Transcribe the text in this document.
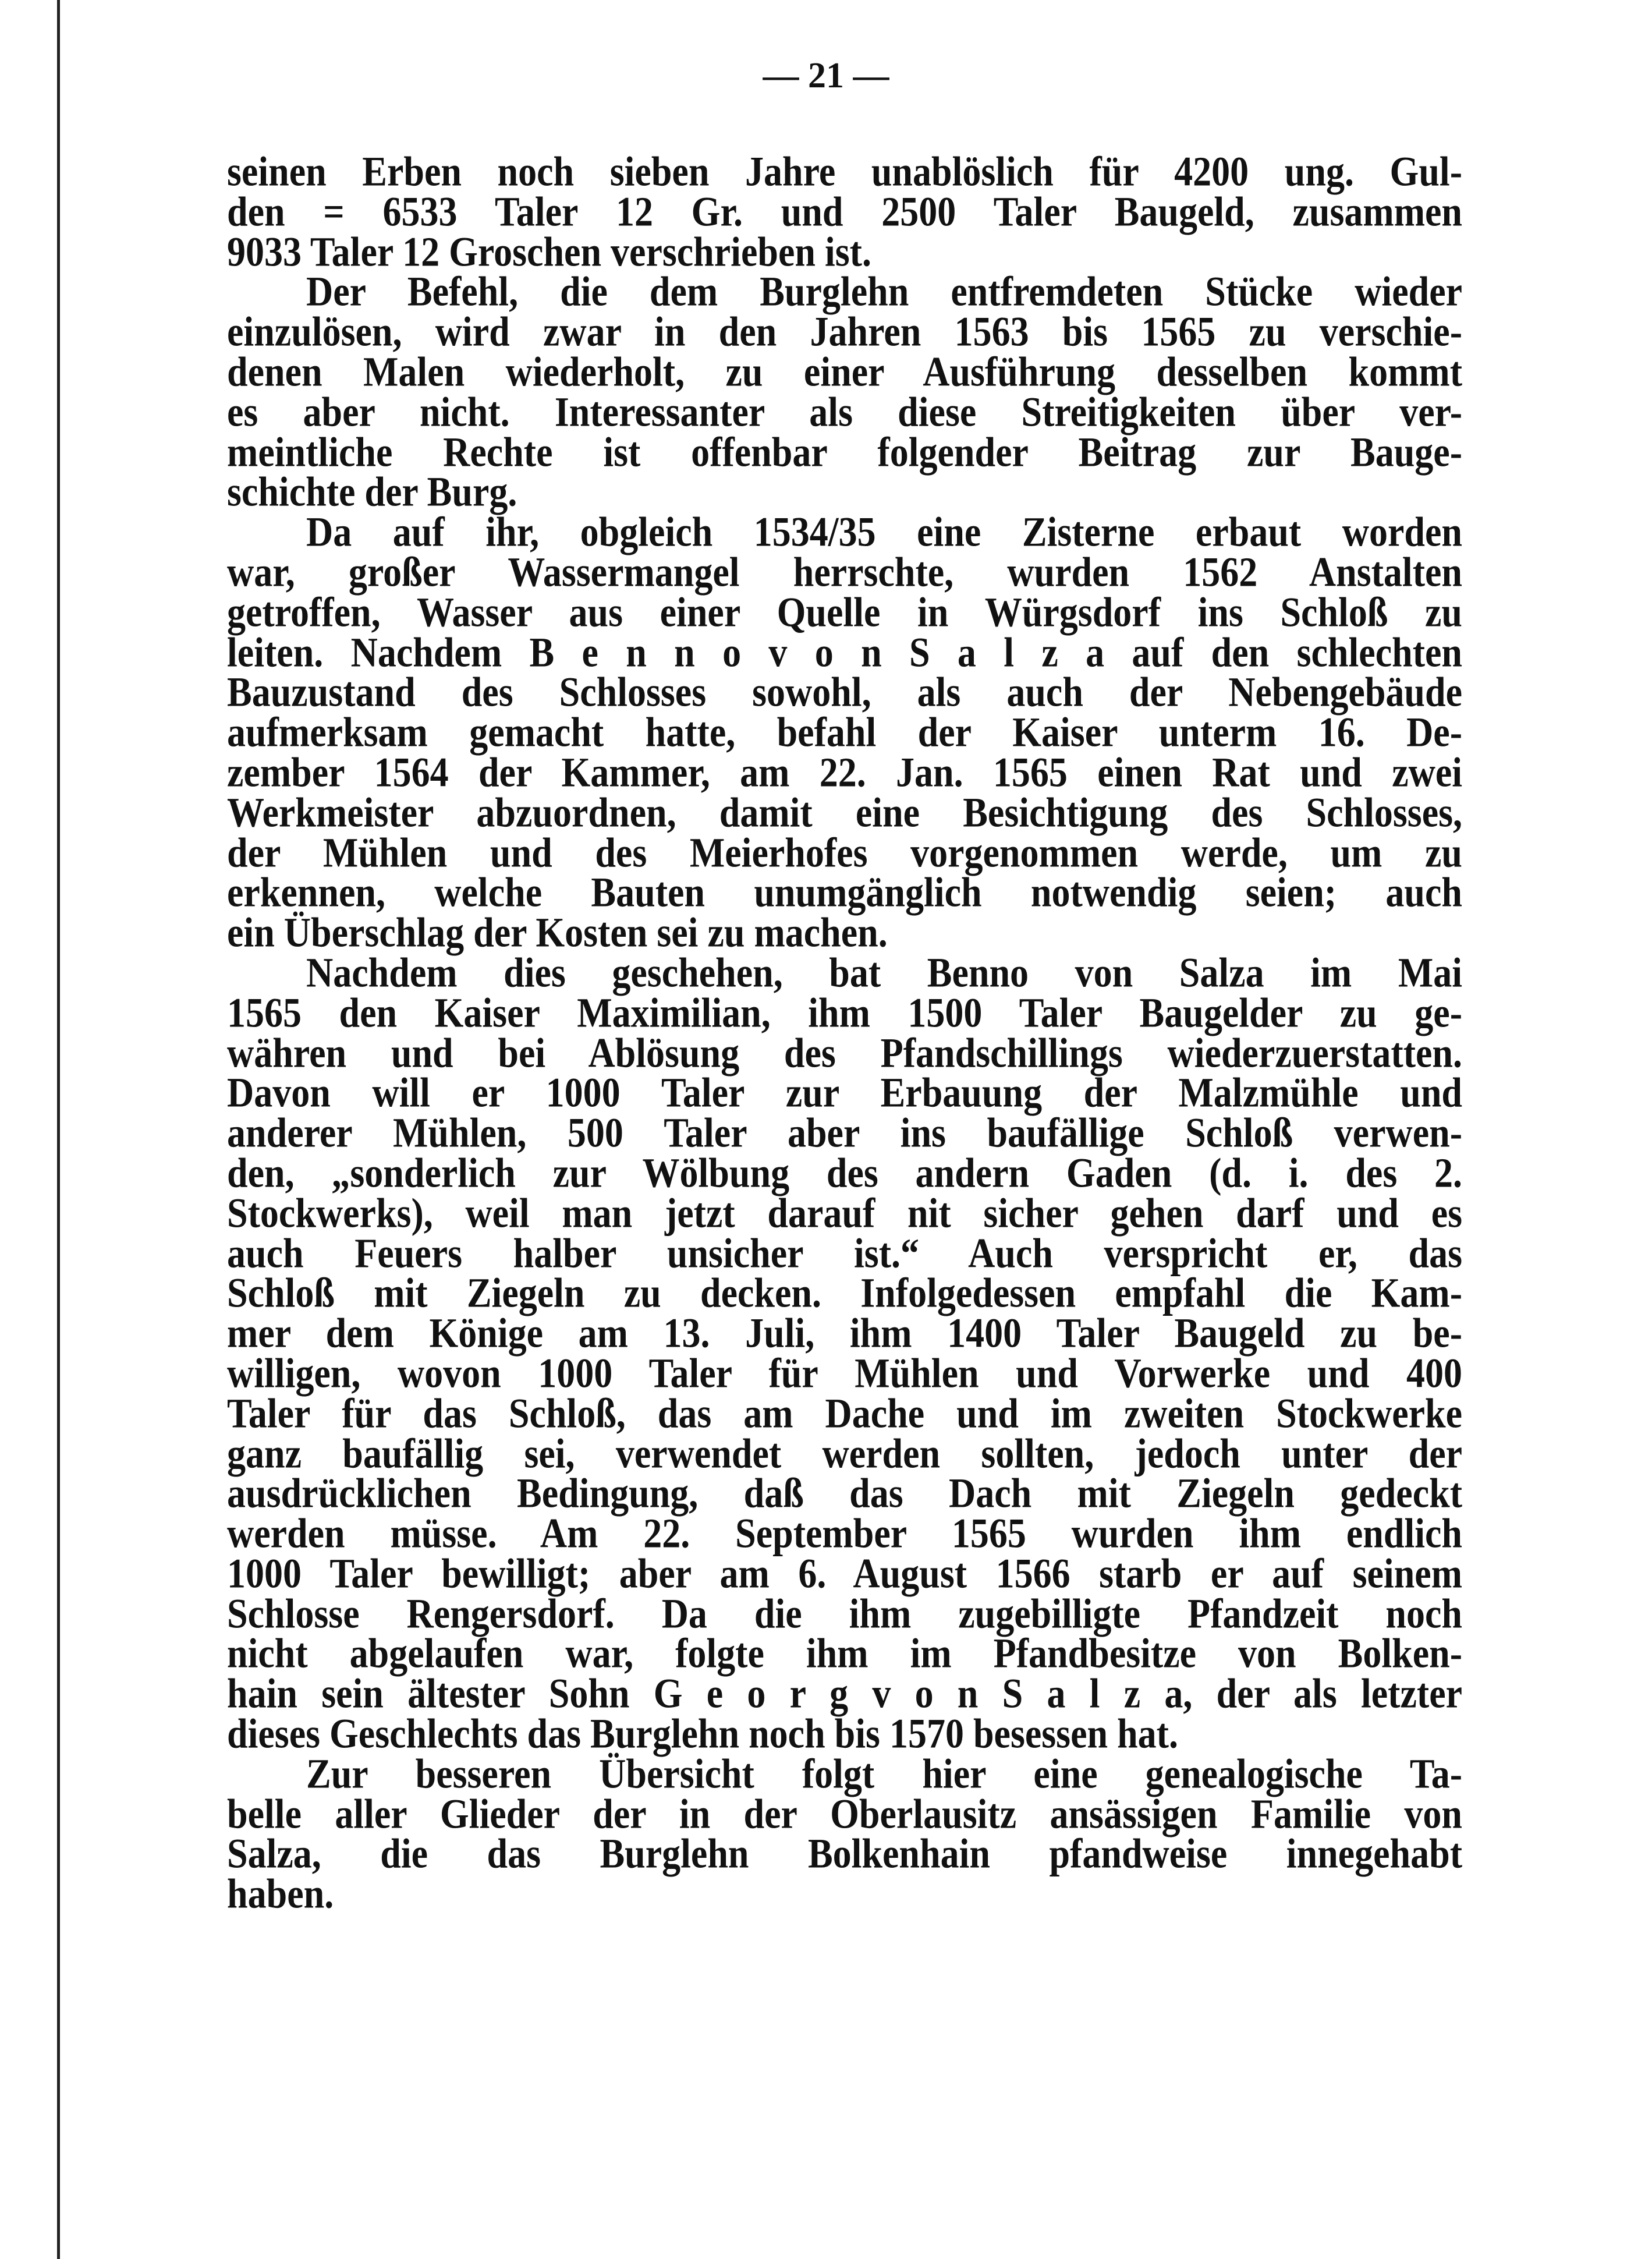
— 21 —
seinen Erben noch sieben Jahre unablöslich für 4200 ung. Gul-
den = 6533 Taler 12 Gr. und 2500 Taler Baugeld, zusammen
9033 Taler 12 Groschen verschrieben ist.
Der Befehl, die dem Burglehn entfremdeten Stücke wieder
einzulösen, wird zwar in den Jahren 1563 bis 1565 zu verschie-
denen Malen wiederholt, zu einer Ausführung desselben kommt
es aber nicht. Interessanter als diese Streitigkeiten über ver-
meintliche Rechte ist offenbar folgender Beitrag zur Bauge-
schichte der Burg.
Da auf ihr, obgleich 1534/35 eine Zisterne erbaut worden
war, großer Wassermangel herrschte, wurden 1562 Anstalten
getroffen, Wasser aus einer Quelle in Würgsdorf ins Schloß zu
leiten. Nachdem B e n n o v o n S a l z a auf den schlechten
Bauzustand des Schlosses sowohl, als auch der Nebengebäude
aufmerksam gemacht hatte, befahl der Kaiser unterm 16. De-
zember 1564 der Kammer, am 22. Jan. 1565 einen Rat und zwei
Werkmeister abzuordnen, damit eine Besichtigung des Schlosses,
der Mühlen und des Meierhofes vorgenommen werde, um zu
erkennen, welche Bauten unumgänglich notwendig seien; auch
ein Überschlag der Kosten sei zu machen.
Nachdem dies geschehen, bat Benno von Salza im Mai
1565 den Kaiser Maximilian, ihm 1500 Taler Baugelder zu ge-
währen und bei Ablösung des Pfandschillings wiederzuerstatten.
Davon will er 1000 Taler zur Erbauung der Malzmühle und
anderer Mühlen, 500 Taler aber ins baufällige Schloß verwen-
den, „sonderlich zur Wölbung des andern Gaden (d. i. des 2.
Stockwerks), weil man jetzt darauf nit sicher gehen darf und es
auch Feuers halber unsicher ist.“ Auch verspricht er, das
Schloß mit Ziegeln zu decken. Infolgedessen empfahl die Kam-
mer dem Könige am 13. Juli, ihm 1400 Taler Baugeld zu be-
willigen, wovon 1000 Taler für Mühlen und Vorwerke und 400
Taler für das Schloß, das am Dache und im zweiten Stockwerke
ganz baufällig sei, verwendet werden sollten, jedoch unter der
ausdrücklichen Bedingung, daß das Dach mit Ziegeln gedeckt
werden müsse. Am 22. September 1565 wurden ihm endlich
1000 Taler bewilligt; aber am 6. August 1566 starb er auf seinem
Schlosse Rengersdorf. Da die ihm zugebilligte Pfandzeit noch
nicht abgelaufen war, folgte ihm im Pfandbesitze von Bolken-
hain sein ältester Sohn G e o r g v o n S a l z a, der als letzter
dieses Geschlechts das Burglehn noch bis 1570 besessen hat.
Zur besseren Übersicht folgt hier eine genealogische Ta-
belle aller Glieder der in der Oberlausitz ansässigen Familie von
Salza, die das Burglehn Bolkenhain pfandweise innegehabt
haben.
